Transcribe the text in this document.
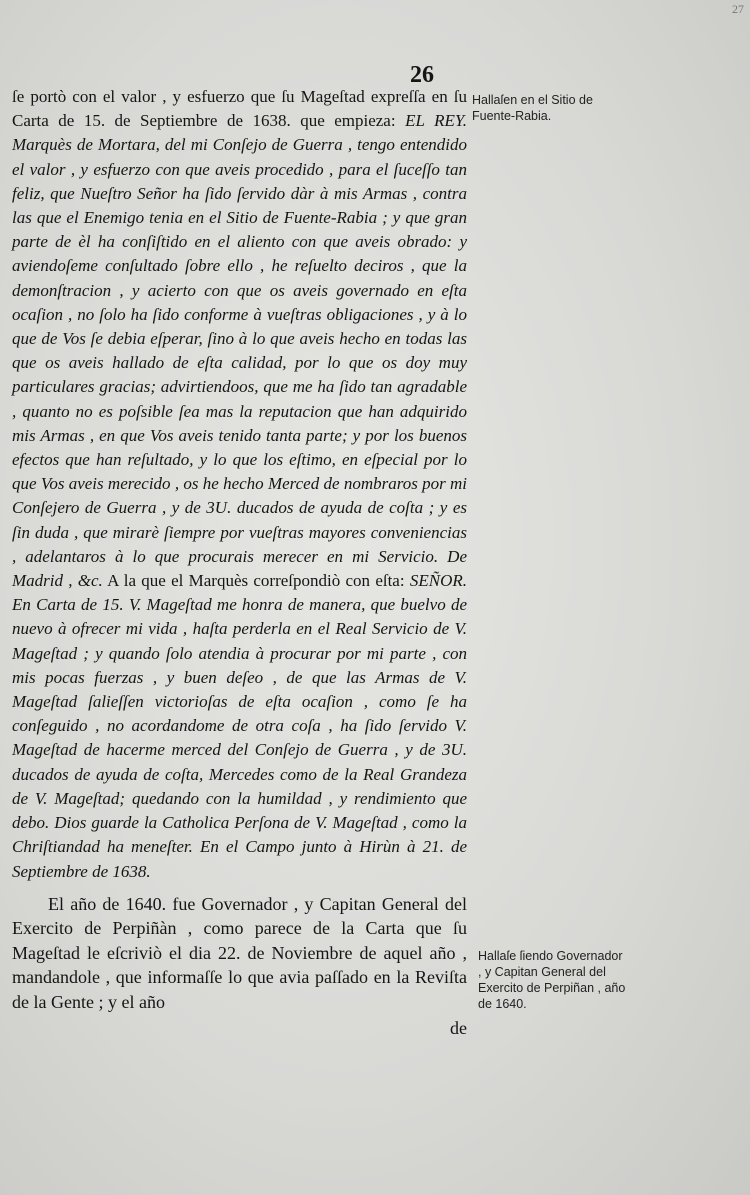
27
26

ſe portò con el valor , y esfuerzo que ſu Mageſtad expreſſa en ſu Carta de 15. de Septiembre de 1638. que empieza: EL REY. Marquès de Mortara, del mi Conſejo de Guerra , tengo entendido el valor , y esfuerzo con que aveis procedido , para el ſuceſſo tan feliz, que Nueſtro Señor ha ſido ſervido dàr à mis Armas , contra las que el Enemigo tenia en el Sitio de Fuente-Rabia ; y que gran parte de èl ha conſiſtido en el aliento con que aveis obrado: y aviendoſeme conſultado ſobre ello , he reſuelto deciros , que la demonſtracion , y acierto con que os aveis governado en eſta ocaſion , no ſolo ha ſido conforme à vueſtras obligaciones , y à lo que de Vos ſe debia eſperar, ſino à lo que aveis hecho en todas las que os aveis hallado de eſta calidad, por lo que os doy muy particulares gracias; advirtiendoos, que me ha ſido tan agradable , quanto no es poſsible ſea mas la reputacion que han adquirido mis Armas , en que Vos aveis tenido tanta parte; y por los buenos efectos que han reſultado, y lo que los eſtimo, en eſpecial por lo que Vos aveis merecido , os he hecho Merced de nombraros por mi Conſejero de Guerra , y de 3U. ducados de ayuda de coſta ; y es ſin duda , que mirarè ſiempre por vueſtras mayores conveniencias , adelantaros à lo que procurais merecer en mi Servicio. De Madrid , &c. A la que el Marquès correſpondiò con eſta: SEÑOR. En Carta de 15. V. Mageſtad me honra de manera, que buelvo de nuevo à ofrecer mi vida , haſta perderla en el Real Servicio de V. Mageſtad ; y quando ſolo atendia à procurar por mi parte , con mis pocas fuerzas , y buen deſeo , de que las Armas de V. Mageſtad ſalieſſen victorioſas de eſta ocaſion , como ſe ha conſeguido , no acordandome de otra coſa , ha ſido ſervido V. Mageſtad de hacerme merced del Conſejo de Guerra , y de 3U. ducados de ayuda de coſta, Mercedes como de la Real Grandeza de V. Mageſtad; quedando con la humildad , y rendimiento que debo. Dios guarde la Catholica Perſona de V. Mageſtad , como la Chriſtiandad ha meneſter. En el Campo junto à Hirùn à 21. de Septiembre de 1638.

El año de 1640. fue Governador , y Capitan General del Exercito de Perpiñàn , como parece de la Carta que ſu Mageſtad le eſcriviò el dia 22. de Noviembre de aquel año , mandandole , que informaſſe lo que avia paſſado en la Reviſta de la Gente ; y el año

de
Hallaſen en el Sitio de Fuente-Rabia.
Hallaſe ſiendo Governador , y Capitan General del Exercito de Perpiñan , año de 1640.
